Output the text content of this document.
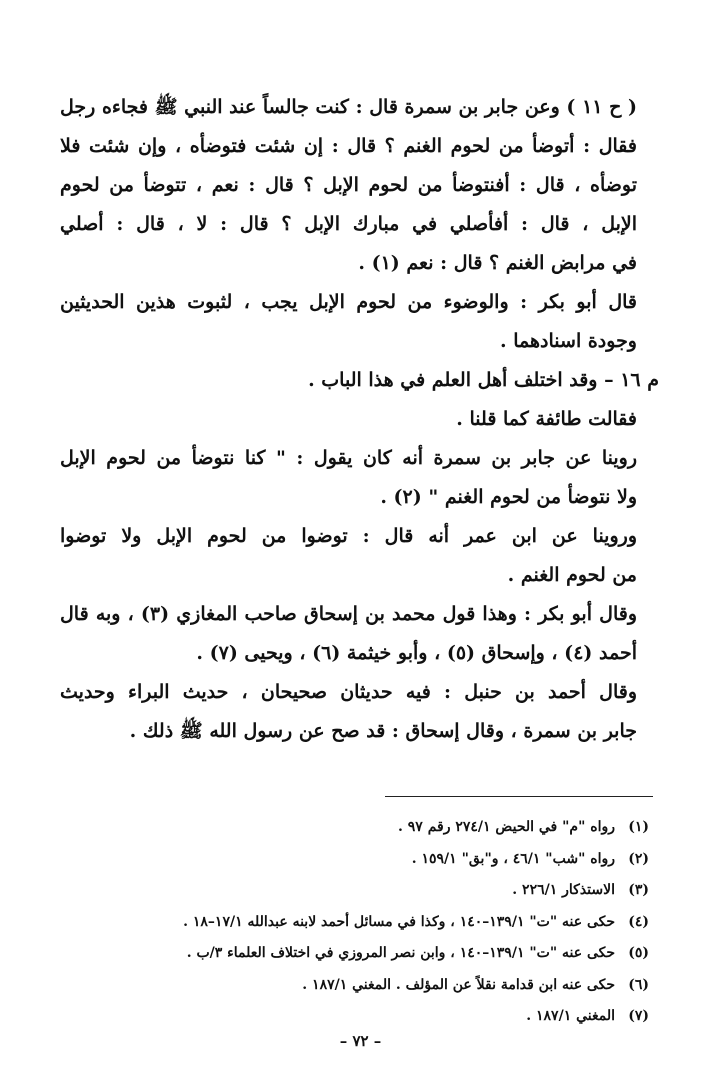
( ح ١١ ) وعن جابر بن سمرة قال : كنت جالساً عند النبي ﷺ فجاءه رجل
فقال : أتوضأ من لحوم الغنم ؟ قال : إن شئت فتوضأه ، وإن شئت فلا
توضأه ، قال : أفنتوضأ من لحوم الإبل ؟ قال : نعم ، تتوضأ من لحوم
الإبل ، قال : أفأصلي في مبارك الإبل ؟ قال : لا ، قال : أصلي
في مرابض الغنم ؟ قال : نعم (١) .
قال أبو بكر : والوضوء من لحوم الإبل يجب ، لثبوت هذين الحديثين
وجودة اسنادهما .
م ١٦ – وقد اختلف أهل العلم في هذا الباب .
فقالت طائفة كما قلنا .
روينا عن جابر بن سمرة أنه كان يقول : " كنا نتوضأ من لحوم الإبل
ولا نتوضأ من لحوم الغنم " (٢) .
وروينا عن ابن عمر أنه قال : توضوا من لحوم الإبل ولا توضوا
من لحوم الغنم .
وقال أبو بكر : وهذا قول محمد بن إسحاق صاحب المغازي (٣) ، وبه قال
أحمد (٤) ، وإسحاق (٥) ، وأبو خيثمة (٦) ، ويحيى (٧) .
وقال أحمد بن حنبل : فيه حديثان صحيحان ، حديث البراء وحديث
جابر بن سمرة ، وقال إسحاق : قد صح عن رسول الله ﷺ ذلك .
(١)رواه "م" في الحيض ٢٧٤/١ رقم ٩٧ .
(٢)رواه "شب" ٤٦/١ ، و"بق" ١٥٩/١ .
(٣)الاستذكار ٢٢٦/١ .
(٤)حكى عنه "ت" ١٣٩/١–١٤٠ ، وكذا في مسائل أحمد لابنه عبدالله ١٧/١–١٨ .
(٥)حكى عنه "ت" ١٣٩/١–١٤٠ ، وابن نصر المروزي في اختلاف العلماء ٣/ب .
(٦)حكى عنه ابن قدامة نقلاً عن المؤلف . المغني ١٨٧/١ .
(٧)المغني ١٨٧/١ .
– ٧٢ –
